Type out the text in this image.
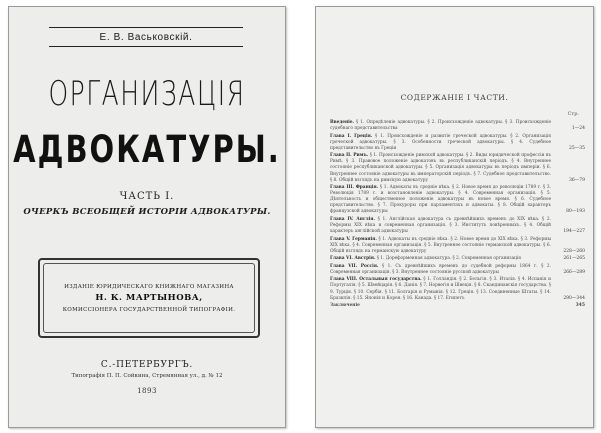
Е. В. Васьковскій.
ОРГАНИЗАЦІЯ
АДВОКАТУРЫ.
ЧАСТЬ I.
ОЧЕРКЪ ВСЕОБЩЕЙ ИСТОРІИ АДВОКАТУРЫ.
ИЗДАНІЕ ЮРИДИЧЕСКАГО КНИЖНАГО МАГАЗИНА
Н. К. МАРТЫНОВА,
КОМИССІОНЕРА ГОСУДАРСТВЕННОЙ ТИПОГРАФІИ.
С.-ПЕТЕРБУРГЪ.
Типографія П. П. Сойкина, Стремянная ул., д. № 12
1893
СОДЕРЖАНІЕ I ЧАСТИ.
Стр.
Введеніе. § 1. Опредѣленіе адвокатуры. § 2. Происхожденіе адвокатуры. § 3. Происхожденіе судебнаго представительства	1—24
Глава I. Греція. § 1. Происхожденіе и развитіе греческой адвокатуры. § 2. Организація греческой адвокатуры. § 3. Особенности греческой адвокатуры. § 4. Судебное представительство въ Греціи	25—35
Глава II. Римъ. § 1. Происхожденіе римской адвокатуры. § 2. Виды юридической профессіи въ Римѣ. § 3. Правовое положеніе адвокатовъ въ республиканскій періодъ. § 4. Внутреннее состояніе республиканской адвокатуры. § 5. Организація адвокатуры въ періодъ имперіи. § 6. Внутреннее состояніе адвокатуры въ императорскій періодъ. § 7. Судебное представительство. § 8. Общій взглядъ на римскую адвокатуру	36—79
Глава III. Франція. § 1. Адвокаты въ средніе вѣка. § 2. Новое время до революціи 1789 г. § 3. Революція 1789 г. и возстановленіе адвокатуры. § 4. Современная организація. § 5. Дѣятельность и общественное положеніе адвокатуры въ новое время. § 6. Судебное представительство. § 7. Прокуроры при парламентахъ и адвокаты. § 8. Общій характеръ французской адвокатуры	80—193
Глава IV. Англія. § 1. Англійская адвокатура съ древнѣйшихъ временъ до XIX вѣка. § 2. Реформы XIX вѣка и современная организація. § 3. Институтъ повѣренныхъ. § 4. Общій характеръ англійской адвокатуры	194—227
Глава V. Германія. § 1. Адвокаты въ средніе вѣка. § 2. Новое время до XIX вѣка. § 3. Реформы XIX вѣка. § 4. Современная организація. § 5. Внутреннее состояніе германской адвокатуры. § 6. Общій взглядъ на германскую адвокатуру	228—260
Глава VI. Австрія. § 1. Дореформенная адвокатура. § 2. Современная организація	261—265
Глава VII. Россія. § 1. Съ древнѣйшихъ временъ до судебной реформы 1864 г. § 2. Современная организація. § 3. Внутреннее состояніе русской адвокатуры	266—289
Глава VIII. Остальныя государства. § 1. Голландія. § 2. Бельгія. § 3. Италія. § 4. Испанія и Португалія. § 5. Швейцарія. § 6. Данія. § 7. Норвегія и Швеція. § 8. Скандинавскія государства. § 9. Турція. § 10. Сербія. § 11. Болгарія и Румынія. § 12. Греція. § 13. Соединенные Штаты. § 14. Бразилія. § 15. Японія и Корея. § 16. Канада. § 17. Египетъ	290—344
Заключеніе	345
